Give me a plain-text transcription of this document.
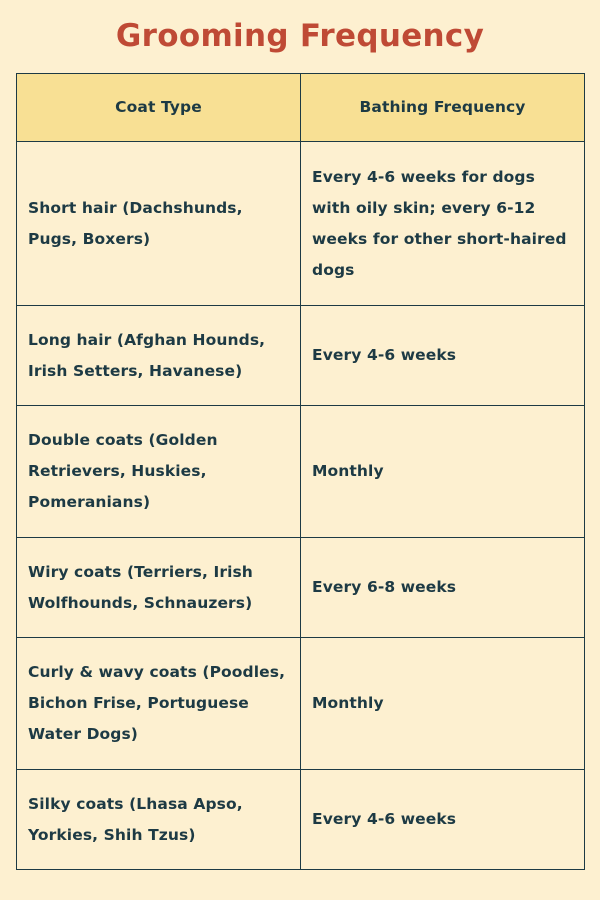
Grooming Frequency
Coat Type	Bathing Frequency
Short hair (Dachshunds, Pugs, Boxers)	Every 4-6 weeks for dogs with oily skin; every 6-12 weeks for other short-haired dogs
Long hair (Afghan Hounds, Irish Setters, Havanese)	Every 4-6 weeks
Double coats (Golden Retrievers, Huskies, Pomeranians)	Monthly
Wiry coats (Terriers, Irish Wolfhounds, Schnauzers)	Every 6-8 weeks
Curly & wavy coats (Poodles, Bichon Frise, Portuguese Water Dogs)	Monthly
Silky coats (Lhasa Apso, Yorkies, Shih Tzus)	Every 4-6 weeks
